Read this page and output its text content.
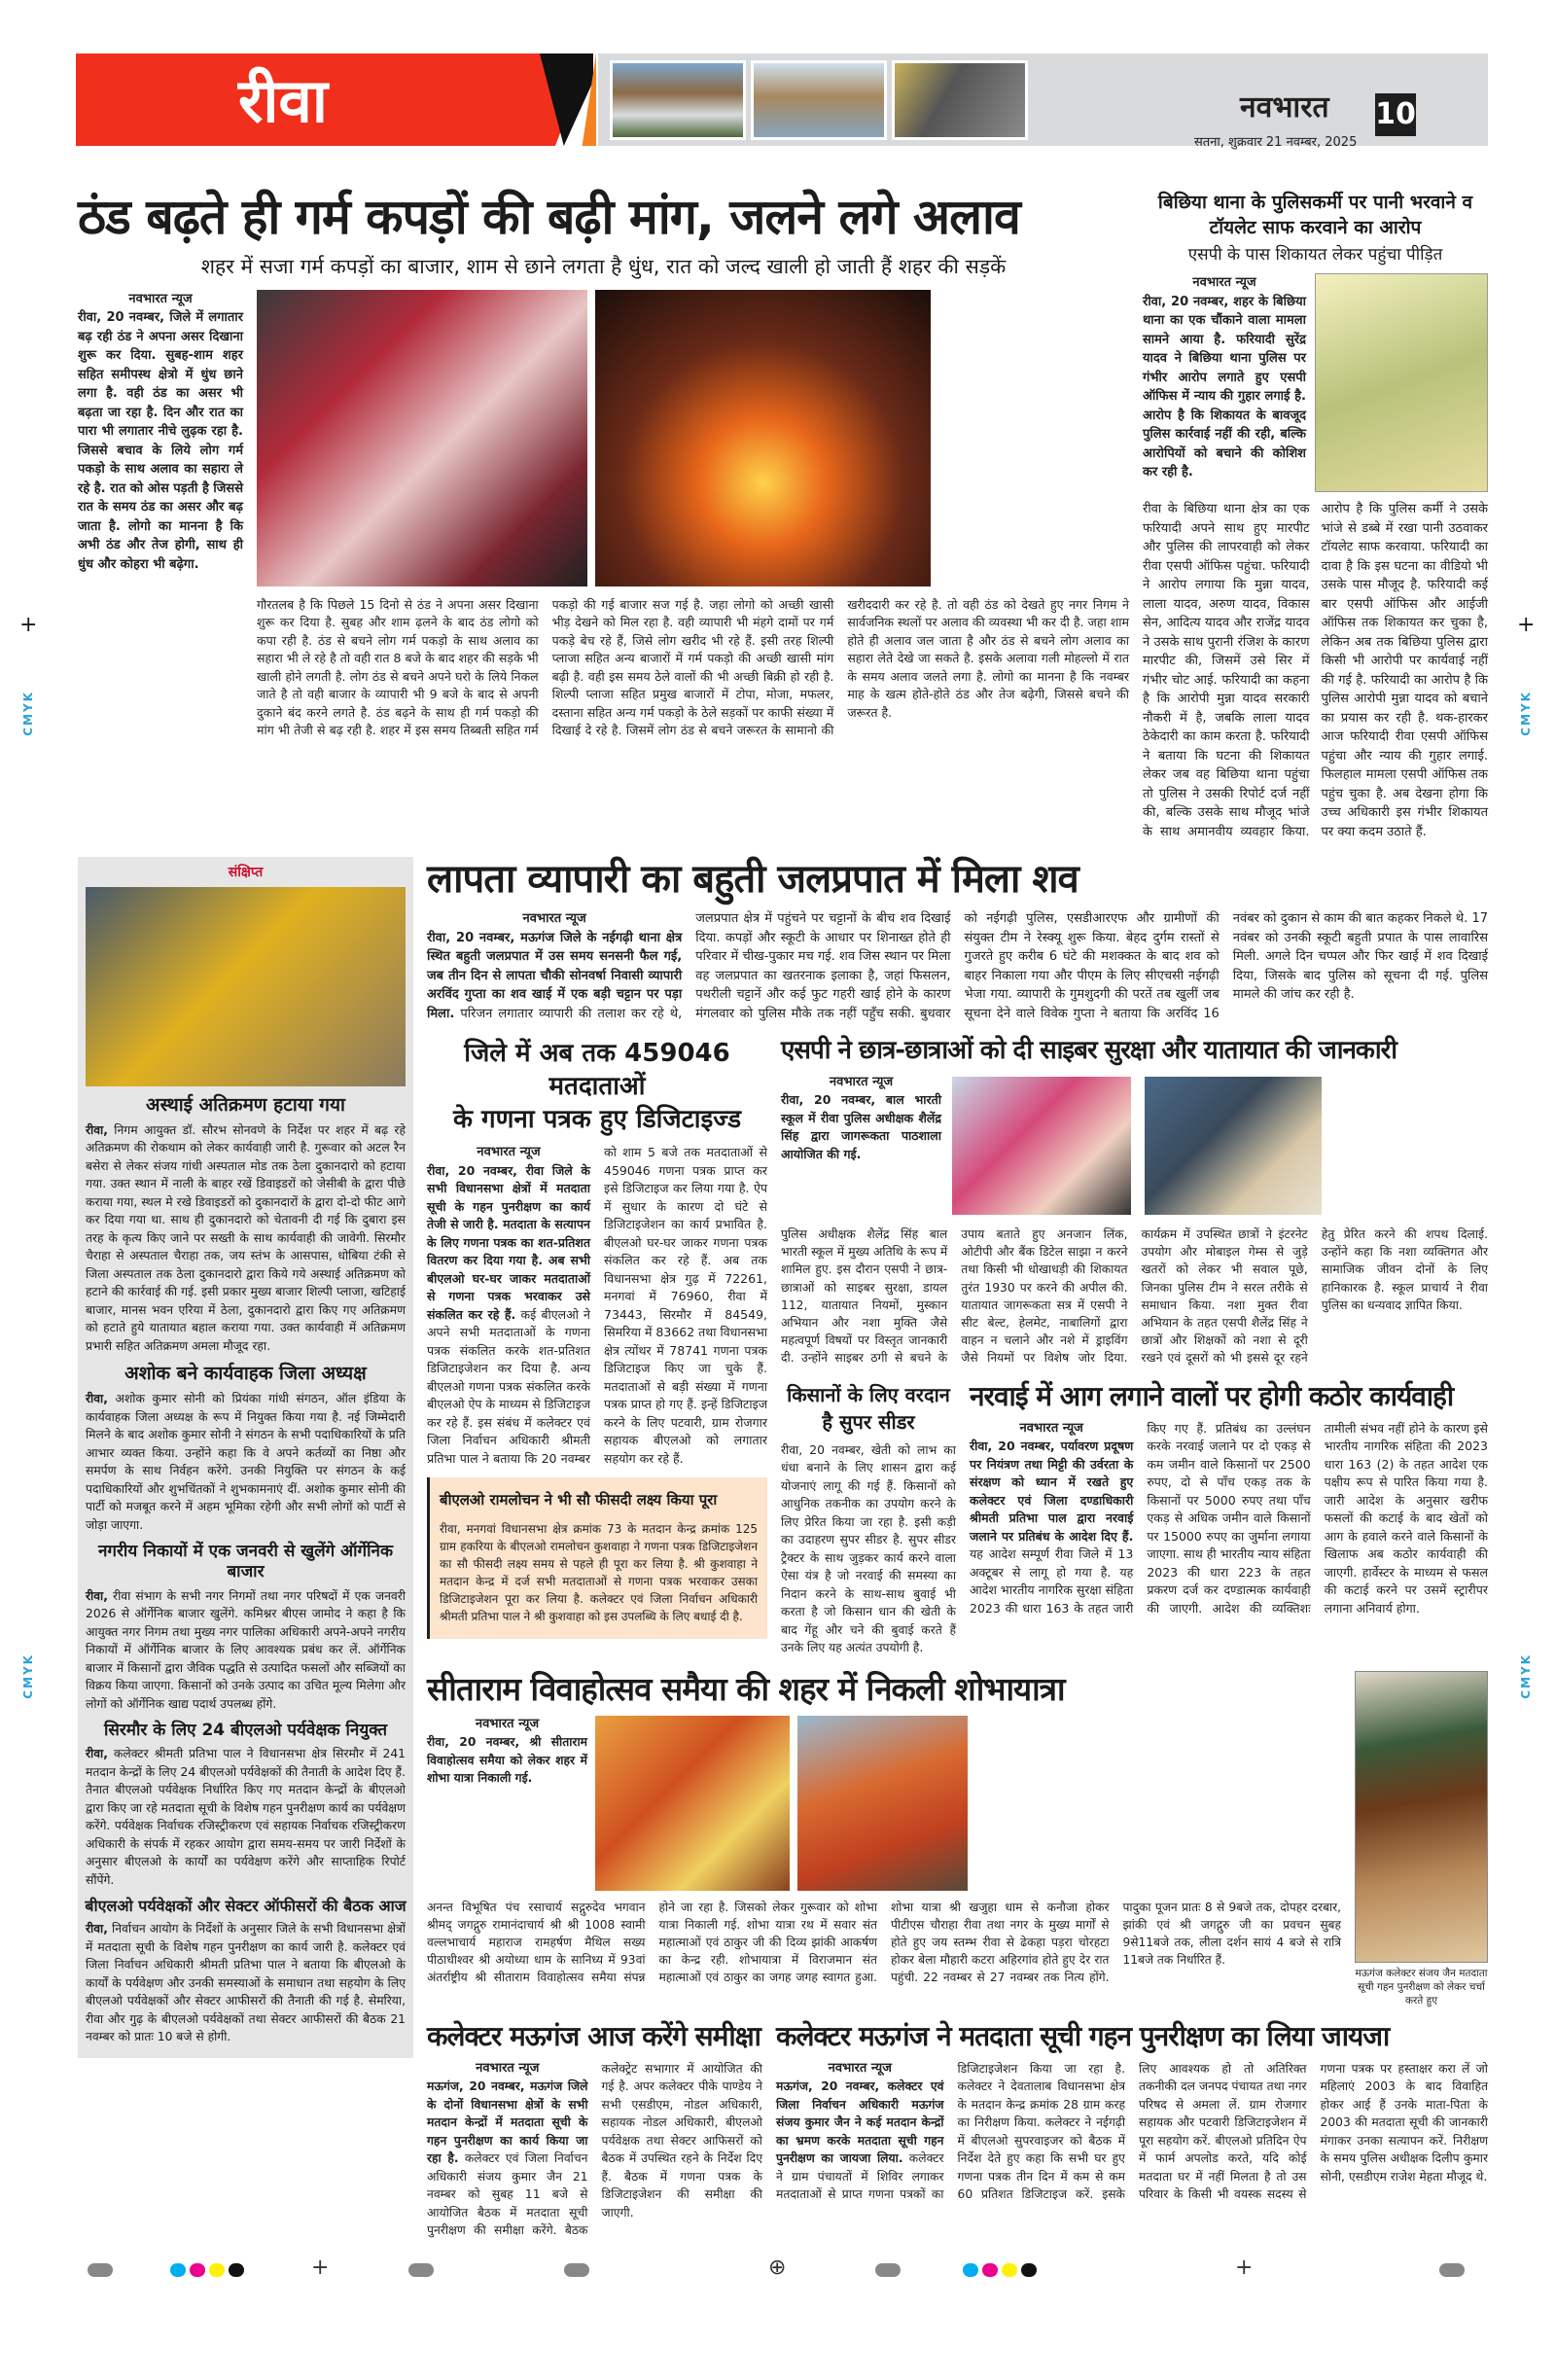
रीवा	नवभारत 10
सतना, शुक्रवार 21 नवम्बर, 2025
CMYK
CMYK
CMYK
CMYK
+	+
ठंड बढ़ते ही गर्म कपड़ों की बढ़ी मांग, जलने लगे अलाव
शहर में सजा गर्म कपड़ों का बाजार, शाम से छाने लगता है धुंध, रात को जल्द खाली हो जाती हैं शहर की सड़कें
नवभारत न्यूज
रीवा, 20 नवम्बर, जिले में लगातार बढ़ रही ठंड ने अपना असर दिखाना शुरू कर दिया. सुबह-शाम शहर सहित समीपस्थ क्षेत्रो में धुंध छाने लगा है. वही ठंड का असर भी बढ़ता जा रहा है. दिन और रात का पारा भी लगातार नीचे लुढ़क रहा है. जिससे बचाव के लिये लोग गर्म पकड़ो के साथ अलाव का सहारा ले रहे है. रात को ओस पड़ती है जिससे रात के समय ठंड का असर और बढ़ जाता है. लोगो का मानना है कि अभी ठंड और तेज होगी, साथ ही धुंध और कोहरा भी बढ़ेगा.
गौरतलब है कि पिछले 15 दिनो से ठंड ने अपना असर दिखाना शुरू कर दिया है. सुबह और शाम ढ़लने के बाद ठंड लोगो को कपा रही है. ठंड से बचने लोग गर्म पकड़ो के साथ अलाव का सहारा भी ले रहे है तो वही रात 8 बजे के बाद शहर की सड़के भी खाली होने लगती है. लोग ठंड से बचने अपने घरो के लिये निकल जाते है तो वही बाजार के व्यापारी भी 9 बजे के बाद से अपनी दुकाने बंद करने लगते है. ठंड बढ़ने के साथ ही गर्म पकड़ो की मांग भी तेजी से बढ़ रही है. शहर में इस समय तिब्बती सहित गर्म पकड़ो की गई बाजार सज गई है. जहा लोगो को अच्छी खासी भीड़ देखने को मिल रहा है. वही व्यापारी भी मंहगे दामों पर गर्म पकड़े बेच रहे हैं, जिसे लोग खरीद भी रहे हैं. इसी तरह शिल्पी प्लाजा सहित अन्य बाजारों में गर्म पकड़ो की अच्छी खासी मांग बढ़ी है. वही इस समय ठेले वालों की भी अच्छी बिक्री हो रही है. शिल्पी प्लाजा सहित प्रमुख बाजारों में टोपा, मोजा, मफलर, दस्ताना सहित अन्य गर्म पकड़ो के ठेले सड़कों पर काफी संख्या में दिखाई दे रहे है. जिसमें लोग ठंड से बचने जरूरत के सामानो की खरीददारी कर रहे है. तो वही ठंड को देखते हुए नगर निगम ने सार्वजनिक स्थलों पर अलाव की व्यवस्था भी कर दी है. जहा शाम होते ही अलाव जल जाता है और ठंड से बचने लोग अलाव का सहारा लेते देखे जा सकते है. इसके अलावा गली मोहल्लो में रात के समय अलाव जलते लगा है. लोगो का मानना है कि नवम्बर माह के खत्म होते-होते ठंड और तेज बढ़ेगी, जिससे बचने की जरूरत है.
बिछिया थाना के पुलिसकर्मी पर पानी भरवाने व टॉयलेट साफ करवाने का आरोप
एसपी के पास शिकायत लेकर पहुंचा पीड़ित
नवभारत न्यूज
रीवा, 20 नवम्बर, शहर के बिछिया थाना का एक चौंकाने वाला मामला सामने आया है. फरियादी सुरेंद्र यादव ने बिछिया थाना पुलिस पर गंभीर आरोप लगाते हुए एसपी ऑफिस में न्याय की गुहार लगाई है. आरोप है कि शिकायत के बावजूद पुलिस कार्रवाई नहीं की रही, बल्कि आरोपियों को बचाने की कोशिश कर रही है.
रीवा के बिछिया थाना क्षेत्र का एक फरियादी अपने साथ हुए मारपीट और पुलिस की लापरवाही को लेकर रीवा एसपी ऑफिस पहुंचा. फरियादी ने आरोप लगाया कि मुन्ना यादव, लाला यादव, अरुण यादव, विकास सेन, आदित्य यादव और राजेंद्र यादव ने उसके साथ पुरानी रंजिश के कारण मारपीट की, जिसमें उसे सिर में गंभीर चोट आई. फरियादी का कहना है कि आरोपी मुन्ना यादव सरकारी नौकरी में है, जबकि लाला यादव ठेकेदारी का काम करता है. फरियादी ने बताया कि घटना की शिकायत लेकर जब वह बिछिया थाना पहुंचा तो पुलिस ने उसकी रिपोर्ट दर्ज नहीं की, बल्कि उसके साथ मौजूद भांजे के साथ अमानवीय व्यवहार किया. आरोप है कि पुलिस कर्मी ने उसके भांजे से डब्बे में रखा पानी उठवाकर टॉयलेट साफ करवाया. फरियादी का दावा है कि इस घटना का वीडियो भी उसके पास मौजूद है. फरियादी कई बार एसपी ऑफिस और आईजी ऑफिस तक शिकायत कर चुका है, लेकिन अब तक बिछिया पुलिस द्वारा किसी भी आरोपी पर कार्यवाई नहीं की गई है. फरियादी का आरोप है कि पुलिस आरोपी मुन्ना यादव को बचाने का प्रयास कर रही है. थक-हारकर आज फरियादी रीवा एसपी ऑफिस पहुंचा और न्याय की गुहार लगाई. फिलहाल मामला एसपी ऑफिस तक पहुंच चुका है. अब देखना होगा कि उच्च अधिकारी इस गंभीर शिकायत पर क्या कदम उठाते हैं.
संक्षिप्त
अस्थाई अतिक्रमण हटाया गया
रीवा, निगम आयुक्त डॉ. सौरभ सोनवणे के निर्देश पर शहर में बढ़ रहे अतिक्रमण की रोकथाम को लेकर कार्यवाही जारी है. गुरूवार को अटल रैन बसेरा से लेकर संजय गांधी अस्पताल मोड तक ठेला दुकानदारो को हटाया गया. उक्त स्थान में नाली के बाहर रखें डिवाइडरों को जेसीबी के द्वारा पीछे कराया गया, स्थल मे रखे डिवाइडरों को दुकानदारों के द्वारा दो-दो फीट आगे कर दिया गया था. साथ ही दुकानदारो को चेतावनी दी गई कि दुबारा इस तरह के कृत्य किए जाने पर सख्ती के साथ कार्यवाही की जावेगी. सिरमौर चैराहा से अस्पताल चैराहा तक, जय स्तंभ के आसपास, धोबिया टंकी से जिला अस्पताल तक ठेला दुकानदारो द्वारा किये गये अस्थाई अतिक्रमण को हटाने की कार्रवाई की गई. इसी प्रकार मुख्य बाजार शिल्पी प्लाजा, खटिहाई बाजार, मानस भवन एरिया में ठेला, दुकानदारो द्वारा किए गए अतिक्रमण को हटाते हुये यातायात बहाल कराया गया. उक्त कार्यवाही में अतिक्रमण प्रभारी सहित अतिक्रमण अमला मौजूद रहा.
अशोक बने कार्यवाहक जिला अध्यक्ष
रीवा, अशोक कुमार सोनी को प्रियंका गांधी संगठन, ऑल इंडिया के कार्यवाहक जिला अध्यक्ष के रूप में नियुक्त किया गया है. नई जिम्मेदारी मिलने के बाद अशोक कुमार सोनी ने संगठन के सभी पदाधिकारियों के प्रति आभार व्यक्त किया. उन्होंने कहा कि वे अपने कर्तव्यों का निष्ठा और समर्पण के साथ निर्वहन करेंगे. उनकी नियुक्ति पर संगठन के कई पदाधिकारियों और शुभचिंतकों ने शुभकामनाएं दीं. अशोक कुमार सोनी की पार्टी को मजबूत करने में अहम भूमिका रहेगी और सभी लोगों को पार्टी से जोड़ा जाएगा.
नगरीय निकायों में एक जनवरी से खुलेंगे ऑर्गेनिक बाजार
रीवा, रीवा संभाग के सभी नगर निगमों तथा नगर परिषदों में एक जनवरी 2026 से ऑर्गेनिक बाजार खुलेंगे. कमिश्नर बीएस जामोद ने कहा है कि आयुक्त नगर निगम तथा मुख्य नगर पालिका अधिकारी अपने-अपने नगरीय निकायों में ऑर्गेनिक बाजार के लिए आवश्यक प्रबंध कर लें. ऑर्गेनिक बाजार में किसानों द्वारा जैविक पद्धति से उत्पादित फसलों और सब्जियों का विक्रय किया जाएगा. किसानों को उनके उत्पाद का उचित मूल्य मिलेगा और लोगों को ऑर्गेनिक खाद्य पदार्थ उपलब्ध होंगे.
सिरमौर के लिए 24 बीएलओ पर्यवेक्षक नियुक्त
रीवा, कलेक्टर श्रीमती प्रतिभा पाल ने विधानसभा क्षेत्र सिरमौर में 241 मतदान केन्द्रों के लिए 24 बीएलओ पर्यवेक्षकों की तैनाती के आदेश दिए हैं. तैनात बीएलओ पर्यवेक्षक निर्धारित किए गए मतदान केन्द्रों के बीएलओ द्वारा किए जा रहे मतदाता सूची के विशेष गहन पुनरीक्षण कार्य का पर्यवेक्षण करेंगे. पर्यवेक्षक निर्वाचक रजिस्ट्रीकरण एवं सहायक निर्वाचक रजिस्ट्रीकरण अधिकारी के संपर्क में रहकर आयोग द्वारा समय-समय पर जारी निर्देशों के अनुसार बीएलओ के कार्यों का पर्यवेक्षण करेंगे और साप्ताहिक रिपोर्ट सौंपेंगे.
बीएलओ पर्यवेक्षकों और सेक्टर ऑफीसरों की बैठक आज
रीवा, निर्वाचन आयोग के निर्देशों के अनुसार जिले के सभी विधानसभा क्षेत्रों में मतदाता सूची के विशेष गहन पुनरीक्षण का कार्य जारी है. कलेक्टर एवं जिला निर्वाचन अधिकारी श्रीमती प्रतिभा पाल ने बताया कि बीएलओ के कार्यों के पर्यवेक्षण और उनकी समस्याओं के समाधान तथा सहयोग के लिए बीएलओ पर्यवेक्षकों और सेक्टर आफीसरों की तैनाती की गई है. सेमरिया, रीवा और गुढ़ के बीएलओ पर्यवेक्षकों तथा सेक्टर आफीसरों की बैठक 21 नवम्बर को प्रातः 10 बजे से होगी.
लापता व्यापारी का बहुती जलप्रपात में मिला शव
नवभारत न्यूज
रीवा, 20 नवम्बर, मऊगंज जिले के नईगढ़ी थाना क्षेत्र स्थित बहुती जलप्रपात में उस समय सनसनी फैल गई, जब तीन दिन से लापता चौकी सोनवर्षा निवासी व्यापारी अरविंद गुप्ता का शव खाई में एक बड़ी चट्टान पर पड़ा मिला. परिजन लगातार व्यापारी की तलाश कर रहे थे, जलप्रपात क्षेत्र में पहुंचने पर चट्टानों के बीच शव दिखाई दिया. कपड़ों और स्कूटी के आधार पर शिनाख्त होते ही परिवार में चीख-पुकार मच गई. शव जिस स्थान पर मिला वह जलप्रपात का खतरनाक इलाका है, जहां फिसलन, पथरीली चट्टानें और कई फुट गहरी खाई होने के कारण मंगलवार को पुलिस मौके तक नहीं पहुँच सकी. बुधवार को नईगढ़ी पुलिस, एसडीआरएफ और ग्रामीणों की संयुक्त टीम ने रेस्क्यू शुरू किया. बेहद दुर्गम रास्तों से गुजरते हुए करीब 6 घंटे की मशक्कत के बाद शव को बाहर निकाला गया और पीएम के लिए सीएचसी नईगढ़ी भेजा गया. व्यापारी के गुमशुदगी की परतें तब खुलीं जब सूचना देने वाले विवेक गुप्ता ने बताया कि अरविंद 16 नवंबर को दुकान से काम की बात कहकर निकले थे. 17 नवंबर को उनकी स्कूटी बहुती प्रपात के पास लावारिस मिली. अगले दिन चप्पल और फिर खाई में शव दिखाई दिया, जिसके बाद पुलिस को सूचना दी गई. पुलिस मामले की जांच कर रही है.
जिले में अब तक 459046 मतदाताओं
के गणना पत्रक हुए डिजिटाइज्ड
नवभारत न्यूज
रीवा, 20 नवम्बर, रीवा जिले के सभी विधानसभा क्षेत्रों में मतदाता सूची के गहन पुनरीक्षण का कार्य तेजी से जारी है. मतदाता के सत्यापन के लिए गणना पत्रक का शत-प्रतिशत वितरण कर दिया गया है. अब सभी बीएलओ घर-घर जाकर मतदाताओं से गणना पत्रक भरवाकर उसे संकलित कर रहे हैं. कई बीएलओ ने अपने सभी मतदाताओं के गणना पत्रक संकलित करके शत-प्रतिशत डिजिटाइजेशन कर दिया है. अन्य बीएलओ गणना पत्रक संकलित करके बीएलओ ऐप के माध्यम से डिजिटाइज कर रहे हैं. इस संबंध में कलेक्टर एवं जिला निर्वाचन अधिकारी श्रीमती प्रतिभा पाल ने बताया कि 20 नवम्बर को शाम 5 बजे तक मतदाताओं से 459046 गणना पत्रक प्राप्त कर इसे डिजिटाइज कर लिया गया है. ऐप में सुधार के कारण दो घंटे से डिजिटाइजेशन का कार्य प्रभावित है. बीएलओ घर-घर जाकर गणना पत्रक संकलित कर रहे हैं. अब तक विधानसभा क्षेत्र गुढ़ में 72261, मनगवां में 76960, रीवा में 73443, सिरमौर में 84549, सिमरिया में 83662 तथा विधानसभा क्षेत्र त्योंथर में 78741 गणना पत्रक डिजिटाइज किए जा चुके हैं. मतदाताओं से बड़ी संख्या में गणना पत्रक प्राप्त हो गए हैं. इन्हें डिजिटाइज करने के लिए पटवारी, ग्राम रोजगार सहायक बीएलओ को लगातार सहयोग कर रहे हैं.
बीएलओ रामलोचन ने भी सौ फीसदी लक्ष्य किया पूरा
रीवा, मनगवां विधानसभा क्षेत्र क्रमांक 73 के मतदान केन्द्र क्रमांक 125 ग्राम हकरिया के बीएलओ रामलोचन कुशवाहा ने गणना पत्रक डिजिटाइजेशन का सौ फीसदी लक्ष्य समय से पहले ही पूरा कर लिया है. श्री कुशवाहा ने मतदान केन्द्र में दर्ज सभी मतदाताओं से गणना पत्रक भरवाकर उसका डिजिटाइजेशन पूरा कर लिया है. कलेक्टर एवं जिला निर्वाचन अधिकारी श्रीमती प्रतिभा पाल ने श्री कुशवाहा को इस उपलब्धि के लिए बधाई दी है.
एसपी ने छात्र-छात्राओं को दी साइबर सुरक्षा और यातायात की जानकारी
नवभारत न्यूज
रीवा, 20 नवम्बर, बाल भारती स्कूल में रीवा पुलिस अधीक्षक शैलेंद्र सिंह द्वारा जागरूकता पाठशाला आयोजित की गई.
पुलिस अधीक्षक शैलेंद्र सिंह बाल भारती स्कूल में मुख्य अतिथि के रूप में शामिल हुए. इस दौरान एसपी ने छात्र-छात्राओं को साइबर सुरक्षा, डायल 112, यातायात नियमों, मुस्कान अभियान और नशा मुक्ति जैसे महत्वपूर्ण विषयों पर विस्तृत जानकारी दी. उन्होंने साइबर ठगी से बचने के उपाय बताते हुए अनजान लिंक, ओटीपी और बैंक डिटेल साझा न करने तथा किसी भी धोखाधड़ी की शिकायत तुरंत 1930 पर करने की अपील की. यातायात जागरूकता सत्र में एसपी ने सीट बेल्ट, हेलमेट, नाबालिगों द्वारा वाहन न चलाने और नशे में ड्राइविंग जैसे नियमों पर विशेष जोर दिया. कार्यक्रम में उपस्थित छात्रों ने इंटरनेट उपयोग और मोबाइल गेम्स से जुड़े खतरों को लेकर भी सवाल पूछे, जिनका पुलिस टीम ने सरल तरीके से समाधान किया. नशा मुक्त रीवा अभियान के तहत एसपी शैलेंद्र सिंह ने छात्रों और शिक्षकों को नशा से दूरी रखने एवं दूसरों को भी इससे दूर रहने हेतु प्रेरित करने की शपथ दिलाई. उन्होंने कहा कि नशा व्यक्तिगत और सामाजिक जीवन दोनों के लिए हानिकारक है. स्कूल प्राचार्य ने रीवा पुलिस का धन्यवाद ज्ञापित किया.
किसानों के लिए वरदान है सुपर सीडर
रीवा, 20 नवम्बर, खेती को लाभ का धंधा बनाने के लिए शासन द्वारा कई योजनाएं लागू की गई हैं. किसानों को आधुनिक तकनीक का उपयोग करने के लिए प्रेरित किया जा रहा है. इसी कड़ी का उदाहरण सुपर सीडर है. सुपर सीडर ट्रैक्टर के साथ जुड़कर कार्य करने वाला ऐसा यंत्र है जो नरवाई की समस्या का निदान करने के साथ-साथ बुवाई भी करता है जो किसान धान की खेती के बाद गेंहू और चने की बुवाई करते हैं उनके लिए यह अत्यंत उपयोगी है.
नरवाई में आग लगाने वालों पर होगी कठोर कार्यवाही
नवभारत न्यूज
रीवा, 20 नवम्बर, पर्यावरण प्रदूषण पर नियंत्रण तथा मिट्टी की उर्वरता के संरक्षण को ध्यान में रखते हुए कलेक्टर एवं जिला दण्डाधिकारी श्रीमती प्रतिभा पाल द्वारा नरवाई जलाने पर प्रतिबंध के आदेश दिए हैं. यह आदेश सम्पूर्ण रीवा जिले में 13 अक्टूबर से लागू हो गया है. यह आदेश भारतीय नागरिक सुरक्षा संहिता 2023 की धारा 163 के तहत जारी किए गए हैं. प्रतिबंध का उल्लंघन करके नरवाई जलाने पर दो एकड़ से कम जमीन वाले किसानों पर 2500 रुपए, दो से पाँच एकड़ तक के किसानों पर 5000 रुपए तथा पाँच एकड़ से अधिक जमीन वाले किसानों पर 15000 रुपए का जुर्माना लगाया जाएगा. साथ ही भारतीय न्याय संहिता 2023 की धारा 223 के तहत प्रकरण दर्ज कर दण्डात्मक कार्यवाही की जाएगी. आदेश की व्यक्तिशः तामीली संभव नहीं होने के कारण इसे भारतीय नागरिक संहिता की 2023 धारा 163 (2) के तहत आदेश एक पक्षीय रूप से पारित किया गया है. जारी आदेश के अनुसार खरीफ फसलों की कटाई के बाद खेतों को आग के हवाले करने वाले किसानों के खिलाफ अब कठोर कार्यवाही की जाएगी. हार्वेस्टर के माध्यम से फसल की कटाई करने पर उसमें स्ट्रारीपर लगाना अनिवार्य होगा.
सीताराम विवाहोत्सव समैया की शहर में निकली शोभायात्रा
नवभारत न्यूज
रीवा, 20 नवम्बर, श्री सीताराम विवाहोत्सव समैया को लेकर शहर में शोभा यात्रा निकाली गई.
अनन्त विभूषित पंच रसाचार्य सद्गुरुदेव भगवान श्रीमद् जगद्गुरु रामानंदाचार्य श्री श्री 1008 स्वामी वल्लभाचार्य महाराज रामहर्षण मैथिल सख्य पीठाधीश्वर श्री अयोध्या धाम के सानिध्य में 93वां अंतर्राष्ट्रीय श्री सीताराम विवाहोत्सव समैया संपन्न होने जा रहा है. जिसको लेकर गुरूवार को शोभा यात्रा निकाली गई. शोभा यात्रा रथ में सवार संत महात्माओं एवं ठाकुर जी की दिव्य झांकी आकर्षण का केन्द्र रही. शोभायात्रा में विराजमान संत महात्माओं एवं ठाकुर का जगह जगह स्वागत हुआ. शोभा यात्रा श्री खजुहा धाम से कनौजा होकर पीटीएस चौराहा रीवा तथा नगर के मुख्य मार्गों से होते हुए जय स्तम्भ रीवा से ढेकहा पड़रा चोरहटा होकर बेला मौहारी कटरा अहिरगांव होते हुए देर रात पहुंची. 22 नवम्बर से 27 नवम्बर तक नित्य होंगे. पादुका पूजन प्रातः 8 से 9बजे तक, दोपहर दरबार, झांकी एवं श्री जगद्गुरु जी का प्रवचन सुबह 9से11बजे तक, लीला दर्शन सायं 4 बजे से रात्रि 11बजे तक निर्धारित हैं.
मऊगंज कलेक्टर संजय जैन मतदाता सूची गहन पुनरीक्षण को लेकर चर्चा करते हुए
कलेक्टर मऊगंज आज करेंगे समीक्षा
नवभारत न्यूज
मऊगंज, 20 नवम्बर, मऊगंज जिले के दोनों विधानसभा क्षेत्रों के सभी मतदान केन्द्रों में मतदाता सूची के गहन पुनरीक्षण का कार्य किया जा रहा है. कलेक्टर एवं जिला निर्वाचन अधिकारी संजय कुमार जैन 21 नवम्बर को सुबह 11 बजे से आयोजित बैठक में मतदाता सूची पुनरीक्षण की समीक्षा करेंगे. बैठक कलेक्ट्रेट सभागार में आयोजित की गई है. अपर कलेक्टर पीके पाण्डेय ने सभी एसडीएम, नोडल अधिकारी, सहायक नोडल अधिकारी, बीएलओ पर्यवेक्षक तथा सेक्टर आफिसरों को बैठक में उपस्थित रहने के निर्देश दिए हैं. बैठक में गणना पत्रक के डिजिटाइजेशन की समीक्षा की जाएगी.
कलेक्टर मऊगंज ने मतदाता सूची गहन पुनरीक्षण का लिया जायजा
नवभारत न्यूज
मऊगंज, 20 नवम्बर, कलेक्टर एवं जिला निर्वाचन अधिकारी मऊगंज संजय कुमार जैन ने कई मतदान केन्द्रों का भ्रमण करके मतदाता सूची गहन पुनरीक्षण का जायजा लिया. कलेक्टर ने ग्राम पंचायतों में शिविर लगाकर मतदाताओं से प्राप्त गणना पत्रकों का डिजिटाइजेशन किया जा रहा है. कलेक्टर ने देवतालाब विधानसभा क्षेत्र के मतदान केन्द्र क्रमांक 28 ग्राम करह का निरीक्षण किया. कलेक्टर ने नईगढ़ी में बीएलओ सुपरवाइजर को बैठक में निर्देश देते हुए कहा कि सभी घर हुए गणना पत्रक तीन दिन में कम से कम 60 प्रतिशत डिजिटाइज करें. इसके लिए आवश्यक हो तो अतिरिक्त तकनीकी दल जनपद पंचायत तथा नगर परिषद से अमला लें. ग्राम रोजगार सहायक और पटवारी डिजिटाइजेशन में पूरा सहयोग करें. बीएलओ प्रतिदिन ऐप में फार्म अपलोड करते, यदि कोई मतदाता घर में नहीं मिलता है तो उस परिवार के किसी भी वयस्क सदस्य से गणना पत्रक पर हस्ताक्षर करा लें जो महिलाएं 2003 के बाद विवाहित होकर आई हैं उनके माता-पिता के 2003 की मतदाता सूची की जानकारी मंगाकर उनका सत्यापन करें. निरीक्षण के समय पुलिस अधीक्षक दिलीप कुमार सोनी, एसडीएम राजेश मेहता मौजूद थे.
+	⊕	+
